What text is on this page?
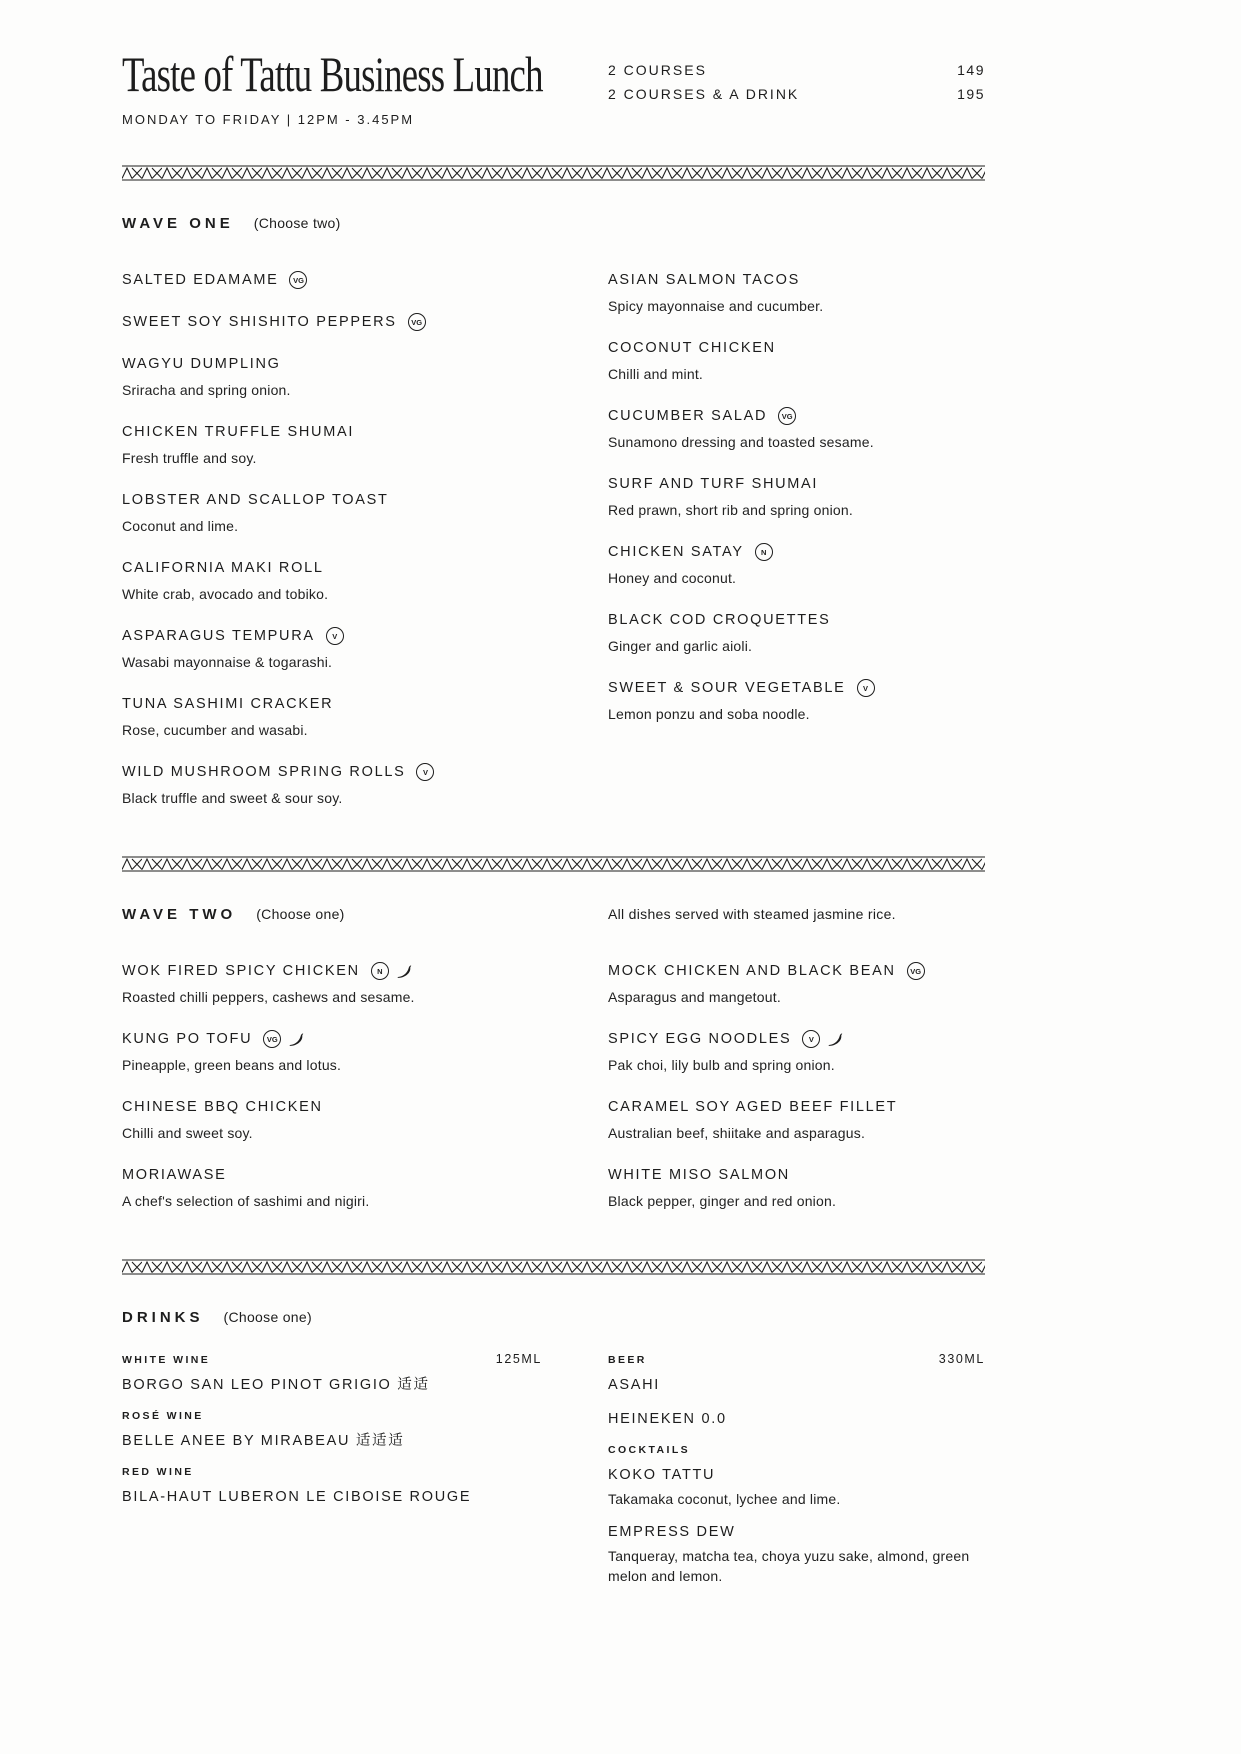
Taste of Tattu Business Lunch
MONDAY TO FRIDAY | 12PM - 3.45PM
2 COURSES	149
2 COURSES & A DRINK	195
WAVE ONE (Choose two)
SALTED EDAMAME	VG
SWEET SOY SHISHITO PEPPERS	VG
WAGYU DUMPLING
Sriracha and spring onion.
CHICKEN TRUFFLE SHUMAI
Fresh truffle and soy.
LOBSTER AND SCALLOP TOAST
Coconut and lime.
CALIFORNIA MAKI ROLL
White crab, avocado and tobiko.
ASPARAGUS TEMPURA	V
Wasabi mayonnaise & togarashi.
TUNA SASHIMI CRACKER
Rose, cucumber and wasabi.
WILD MUSHROOM SPRING ROLLS	V
Black truffle and sweet & sour soy.
ASIAN SALMON TACOS
Spicy mayonnaise and cucumber.
COCONUT CHICKEN
Chilli and mint.
CUCUMBER SALAD	VG
Sunamono dressing and toasted sesame.
SURF AND TURF SHUMAI
Red prawn, short rib and spring onion.
CHICKEN SATAY	N
Honey and coconut.
BLACK COD CROQUETTES
Ginger and garlic aioli.
SWEET & SOUR VEGETABLE	V
Lemon ponzu and soba noodle.
WAVE TWO (Choose one)	All dishes served with steamed jasmine rice.
WOK FIRED SPICY CHICKEN	N
Roasted chilli peppers, cashews and sesame.
KUNG PO TOFU	VG
Pineapple, green beans and lotus.
CHINESE BBQ CHICKEN
Chilli and sweet soy.
MORIAWASE
A chef's selection of sashimi and nigiri.
MOCK CHICKEN AND BLACK BEAN	VG
Asparagus and mangetout.
SPICY EGG NOODLES	V
Pak choi, lily bulb and spring onion.
CARAMEL SOY AGED BEEF FILLET
Australian beef, shiitake and asparagus.
WHITE MISO SALMON
Black pepper, ginger and red onion.
DRINKS (Choose one)
WHITE WINE	125ML
BORGO SAN LEO PINOT GRIGIO 适适
ROSÉ WINE
BELLE ANEE BY MIRABEAU 适适适
RED WINE
BILA-HAUT LUBERON LE CIBOISE ROUGE
BEER	330ML
ASAHI
HEINEKEN 0.0
COCKTAILS
KOKO TATTU
Takamaka coconut, lychee and lime.
EMPRESS DEW
Tanqueray, matcha tea, choya yuzu sake, almond, green melon and lemon.
